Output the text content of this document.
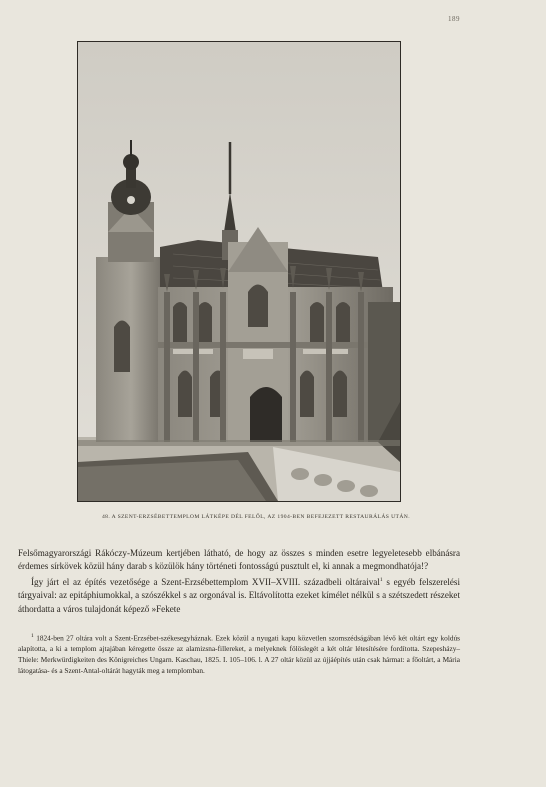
189
48. A SZENT-ERZSÉBETTEMPLOM LÁTKÉPE DÉL FELŐL, AZ 1904-BEN BEFEJEZETT RESTAURÁLÁS UTÁN.

Felsőmagyarországi Rákóczy-Múzeum kertjében látható, de hogy az összes s minden esetre legyeletesebb elbánásra érdemes sírkövek közül hány darab s közülök hány történeti fontosságú pusztult el, ki annak a megmondhatója!?

Így járt el az építés vezetősége a Szent-Erzsébettemplom XVII–XVIII. századbeli oltáraival$^1$ s egyéb felszerelési tárgyaival: az epitáphiumokkal, a szószékkel s az orgonával is. Eltávolította ezeket kímélet nélkül s a szétszedett részeket áthordatta a város tulajdonát képező »Fekete

$^1$ 1824-ben 27 oltára volt a Szent-Erzsébet-székesegyháznak. Ezek közül a nyugati kapu közvetlen szomszédságában lévő két oltárt egy koldús alapította, a ki a templom ajtajában kéregette össze az alamizsna-fillereket, a melyeknek fölöslegét a két oltár létesítésére fordította. Szepesházy–Thiele: Merkwürdigkeiten des Königreiches Ungarn. Kaschau, 1825. I. 105–106. l. A 27 oltár közül az újjáépítés után csak hármat: a főoltárt, a Mária látogatása- és a Szent-Antal-oltárát hagyták meg a templomban.
